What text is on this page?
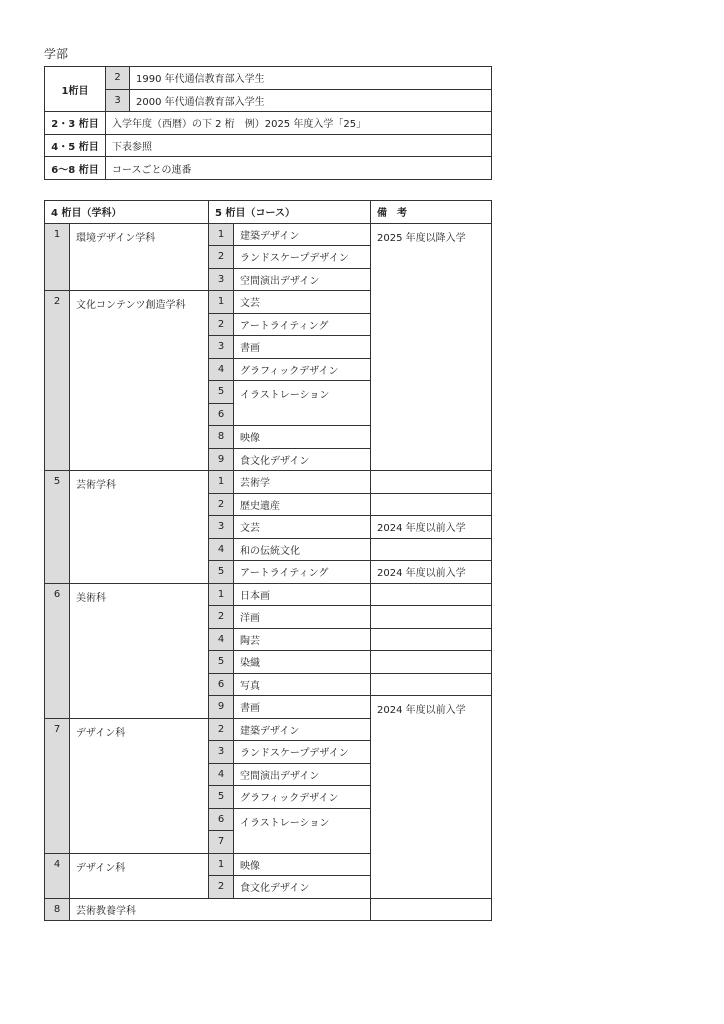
学部
1桁目	2	1990 年代通信教育部入学生
	3	2000 年代通信教育部入学生
2・3 桁目	入学年度（西暦）の下 2 桁　例）2025 年度入学「25」	
4・5 桁目	下表参照	
6〜8 桁目	コースごとの連番	
4 桁目（学科）		5 桁目（コース）		備　考
1	環境デザイン学科	1	建築デザイン	2025 年度以降入学
		2	ランドスケープデザイン	
		3	空間演出デザイン	
2	文化コンテンツ創造学科	1	文芸	
		2	アートライティング	
		3	書画	
		4	グラフィックデザイン	
		5	イラストレーション	
		6		
		8	映像	
		9	食文化デザイン	
5	芸術学科	1	芸術学	
		2	歴史遺産	
		3	文芸	2024 年度以前入学
		4	和の伝統文化	
		5	アートライティング	2024 年度以前入学
6	美術科	1	日本画	
		2	洋画	
		4	陶芸	
		5	染織	
		6	写真	
		9	書画	2024 年度以前入学
7	デザイン科	2	建築デザイン	
		3	ランドスケープデザイン	
		4	空間演出デザイン	
		5	グラフィックデザイン	
		6	イラストレーション	
		7		
4	デザイン科	1	映像	
		2	食文化デザイン	
8	芸術教養学科			
